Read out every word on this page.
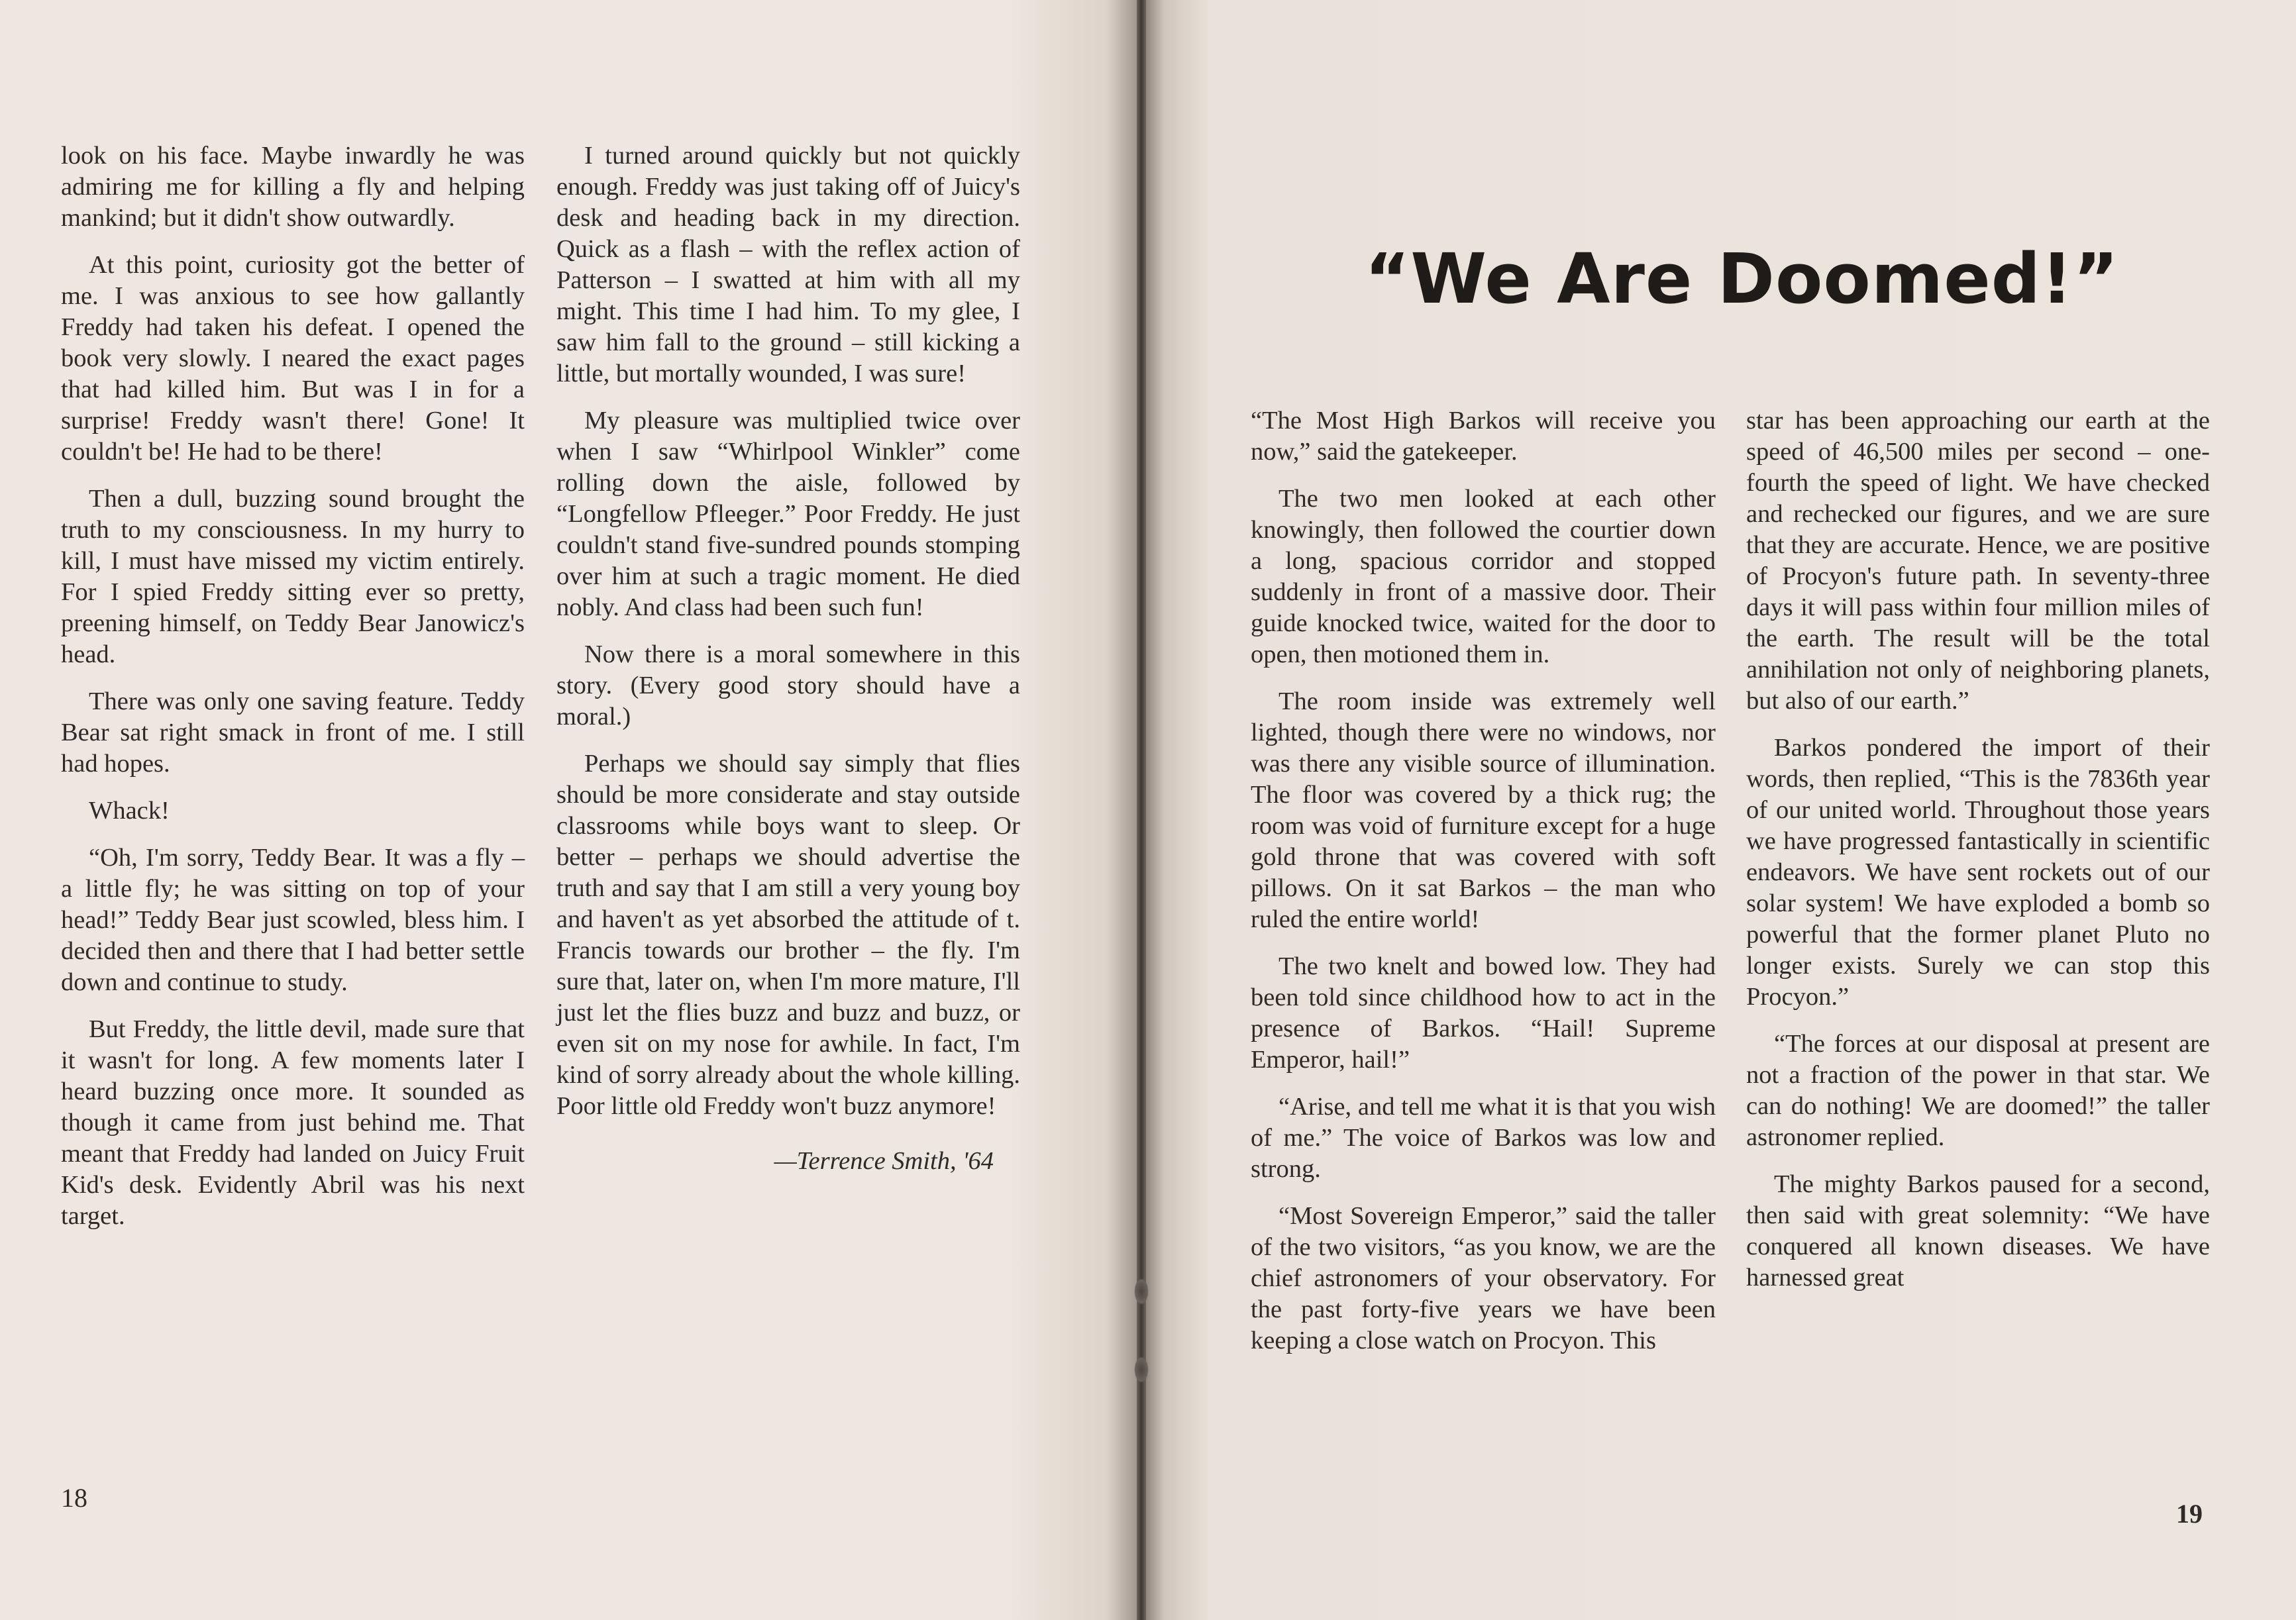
look on his face. Maybe inwardly he was admiring me for killing a fly and helping mankind; but it didn't show outwardly.

At this point, curiosity got the better of me. I was anxious to see how gallantly Freddy had taken his defeat. I opened the book very slowly. I neared the exact pages that had killed him. But was I in for a surprise! Freddy wasn't there! Gone! It couldn't be! He had to be there!

Then a dull, buzzing sound brought the truth to my consciousness. In my hurry to kill, I must have missed my victim entirely. For I spied Freddy sitting ever so pretty, preening himself, on Teddy Bear Janowicz's head.

There was only one saving feature. Teddy Bear sat right smack in front of me. I still had hopes.

Whack!

“Oh, I'm sorry, Teddy Bear. It was a fly – a little fly; he was sitting on top of your head!” Teddy Bear just scowled, bless him. I decided then and there that I had better settle down and continue to study.

But Freddy, the little devil, made sure that it wasn't for long. A few moments later I heard buzzing once more. It sounded as though it came from just behind me. That meant that Freddy had landed on Juicy Fruit Kid's desk. Evidently Abril was his next target.

I turned around quickly but not quickly enough. Freddy was just taking off of Juicy's desk and heading back in my direction. Quick as a flash – with the reflex action of Patterson – I swatted at him with all my might. This time I had him. To my glee, I saw him fall to the ground – still kicking a little, but mortally wounded, I was sure!

My pleasure was multiplied twice over when I saw “Whirlpool Winkler” come rolling down the aisle, followed by “Longfellow Pfleeger.” Poor Freddy. He just couldn't stand five-sundred pounds stomping over him at such a tragic moment. He died nobly. And class had been such fun!

Now there is a moral somewhere in this story. (Every good story should have a moral.)

Perhaps we should say simply that flies should be more considerate and stay outside classrooms while boys want to sleep. Or better – perhaps we should advertise the truth and say that I am still a very young boy and haven't as yet absorbed the attitude of t. Francis towards our brother – the fly. I'm sure that, later on, when I'm more mature, I'll just let the flies buzz and buzz and buzz, or even sit on my nose for awhile. In fact, I'm kind of sorry already about the whole killing. Poor little old Freddy won't buzz anymore!

—Terrence Smith, '64

18
19
“We Are Doomed!”

“The Most High Barkos will receive you now,” said the gatekeeper.

The two men looked at each other knowingly, then followed the courtier down a long, spacious corridor and stopped suddenly in front of a massive door. Their guide knocked twice, waited for the door to open, then motioned them in.

The room inside was extremely well lighted, though there were no windows, nor was there any visible source of illumination. The floor was covered by a thick rug; the room was void of furniture except for a huge gold throne that was covered with soft pillows. On it sat Barkos – the man who ruled the entire world!

The two knelt and bowed low. They had been told since childhood how to act in the presence of Barkos. “Hail! Supreme Emperor, hail!”

“Arise, and tell me what it is that you wish of me.” The voice of Barkos was low and strong.

“Most Sovereign Emperor,” said the taller of the two visitors, “as you know, we are the chief astronomers of your observatory. For the past forty-five years we have been keeping a close watch on Procyon. This

star has been approaching our earth at the speed of 46,500 miles per second – one-fourth the speed of light. We have checked and rechecked our figures, and we are sure that they are accurate. Hence, we are positive of Procyon's future path. In seventy-three days it will pass within four million miles of the earth. The result will be the total annihilation not only of neighboring planets, but also of our earth.”

Barkos pondered the import of their words, then replied, “This is the 7836th year of our united world. Throughout those years we have progressed fantastically in scientific endeavors. We have sent rockets out of our solar system! We have exploded a bomb so powerful that the former planet Pluto no longer exists. Surely we can stop this Procyon.”

“The forces at our disposal at present are not a fraction of the power in that star. We can do nothing! We are doomed!” the taller astronomer replied.

The mighty Barkos paused for a second, then said with great solemnity: “We have conquered all known diseases. We have harnessed great
